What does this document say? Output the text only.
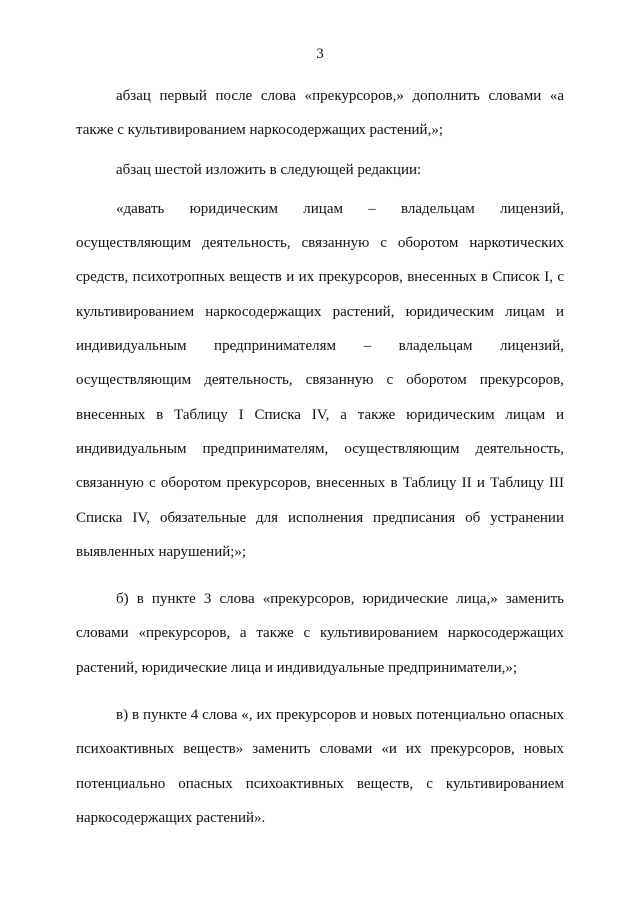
3

абзац первый после слова «прекурсоров,» дополнить словами «а также с культивированием наркосодержащих растений,»;

абзац шестой изложить в следующей редакции:

«давать юридическим лицам – владельцам лицензий, осуществляющим деятельность, связанную с оборотом наркотических средств, психотропных веществ и их прекурсоров, внесенных в Список I, с культивированием наркосодержащих растений, юридическим лицам и индивидуальным предпринимателям – владельцам лицензий, осуществляющим деятельность, связанную с оборотом прекурсоров, внесенных в Таблицу I Списка IV, а также юридическим лицам и индивидуальным предпринимателям, осуществляющим деятельность, связанную с оборотом прекурсоров, внесенных в Таблицу II и Таблицу III Списка IV, обязательные для исполнения предписания об устранении выявленных нарушений;»;

б) в пункте 3 слова «прекурсоров, юридические лица,» заменить словами «прекурсоров, а также с культивированием наркосодержащих растений, юридические лица и индивидуальные предприниматели,»;

в) в пункте 4 слова «, их прекурсоров и новых потенциально опасных психоактивных веществ» заменить словами «и их прекурсоров, новых потенциально опасных психоактивных веществ, с культивированием наркосодержащих растений».
